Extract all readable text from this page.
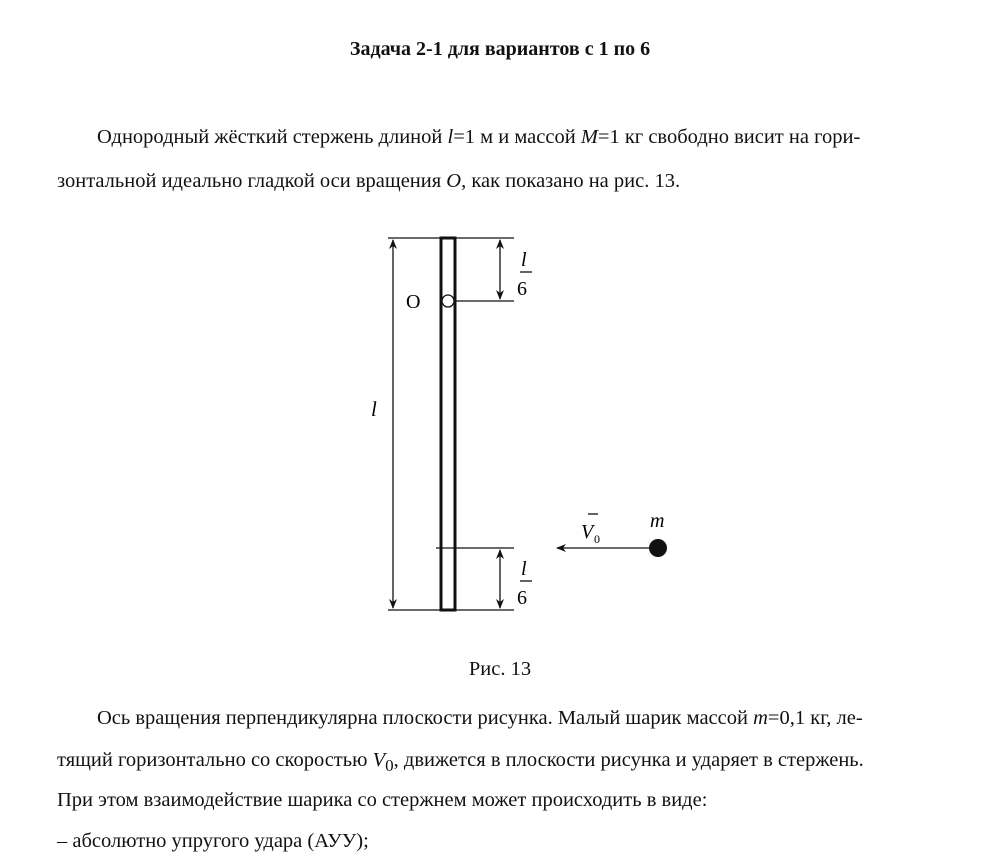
Задача 2-1 для вариантов с 1 по 6
Однородный жёсткий стержень длиной l=1 м и массой M=1 кг свободно висит на гори-
зонтальной идеально гладкой оси вращения O, как показано на рис. 13.
O
l
l
6
l
6
V 0
m
Рис. 13
Ось вращения перпендикулярна плоскости рисунка. Малый шарик массой m=0,1 кг, ле-
тящий горизонтально со скоростью $V_0$, движется в плоскости рисунка и ударяет в стержень.
При этом взаимодействие шарика со стержнем может происходить в виде:
– абсолютно упругого удара (АУУ);
